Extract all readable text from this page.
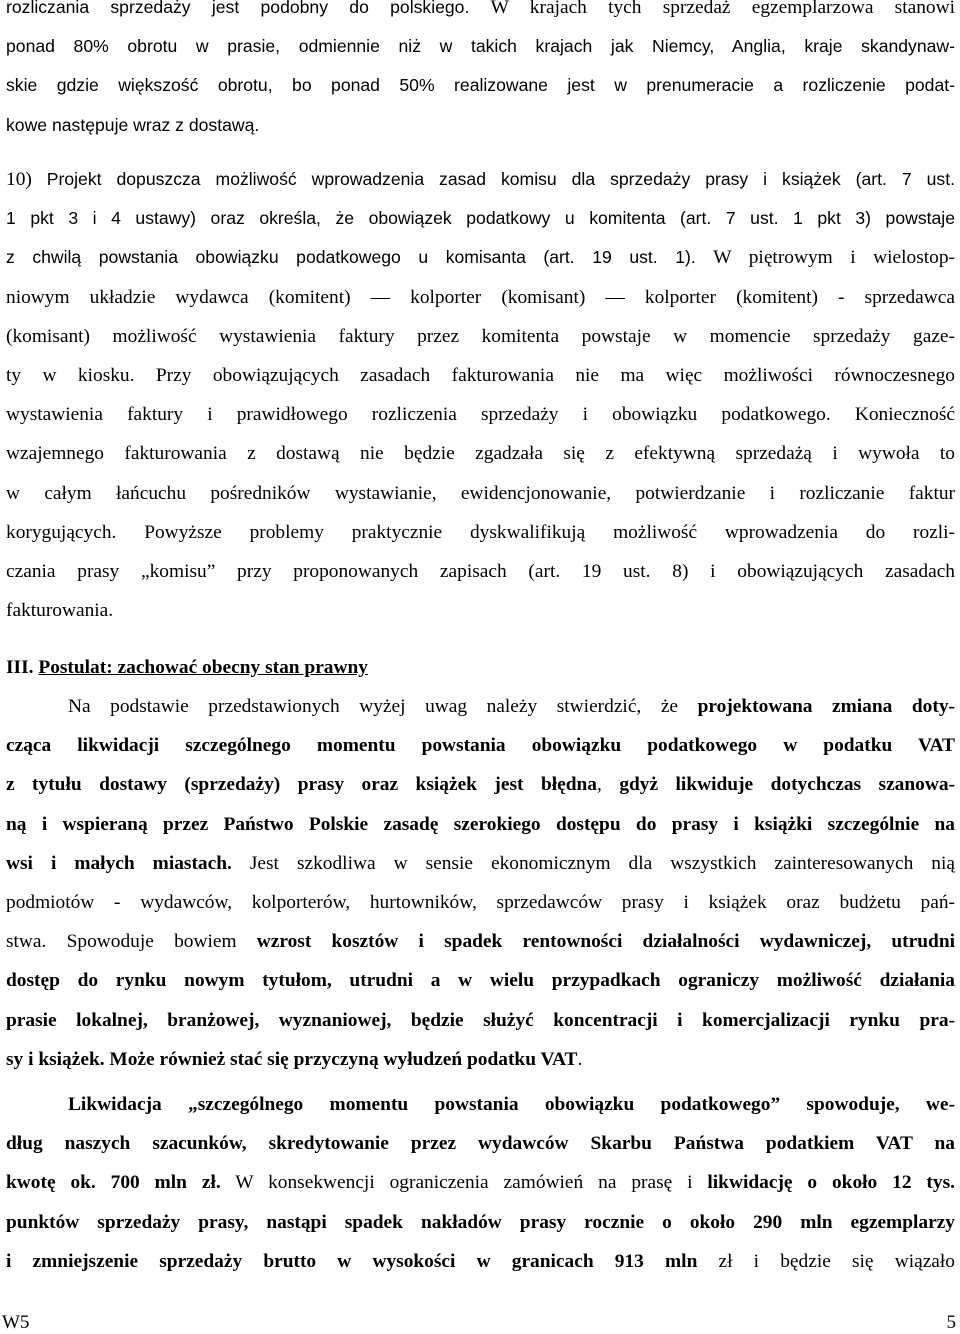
rozliczania sprzedaży jest podobny do polskiego. W krajach tych sprzedaż egzemplarzowa stanowi
ponad 80% obrotu w prasie, odmiennie niż w takich krajach jak Niemcy, Anglia, kraje skandynaw-
skie gdzie większość obrotu, bo ponad 50% realizowane jest w prenumeracie a rozliczenie podat-
kowe następuje wraz z dostawą.
10) Projekt dopuszcza możliwość wprowadzenia zasad komisu dla sprzedaży prasy i książek (art. 7 ust.
1 pkt 3 i 4 ustawy) oraz określa, że obowiązek podatkowy u komitenta (art. 7 ust. 1 pkt 3) powstaje
z chwilą powstania obowiązku podatkowego u komisanta (art. 19 ust. 1). W piętrowym i wielostop-
niowym układzie wydawca (komitent) ― kolporter (komisant) ― kolporter (komitent) - sprzedawca
(komisant) możliwość wystawienia faktury przez komitenta powstaje w momencie sprzedaży gaze-
ty w kiosku. Przy obowiązujących zasadach fakturowania nie ma więc możliwości równoczesnego
wystawienia faktury i prawidłowego rozliczenia sprzedaży i obowiązku podatkowego. Konieczność
wzajemnego fakturowania z dostawą nie będzie zgadzała się z efektywną sprzedażą i wywoła to
w całym łańcuchu pośredników wystawianie, ewidencjonowanie, potwierdzanie i rozliczanie faktur
korygujących. Powyższe problemy praktycznie dyskwalifikują możliwość wprowadzenia do rozli-
czania prasy „komisu” przy proponowanych zapisach (art. 19 ust. 8) i obowiązujących zasadach
fakturowania.
III. Postulat: zachować obecny stan prawny
Na podstawie przedstawionych wyżej uwag należy stwierdzić, że projektowana zmiana doty-
cząca likwidacji szczególnego momentu powstania obowiązku podatkowego w podatku VAT
z tytułu dostawy (sprzedaży) prasy oraz książek jest błędna, gdyż likwiduje dotychczas szanowa-
ną i wspieraną przez Państwo Polskie zasadę szerokiego dostępu do prasy i książki szczególnie na
wsi i małych miastach. Jest szkodliwa w sensie ekonomicznym dla wszystkich zainteresowanych nią
podmiotów - wydawców, kolporterów, hurtowników, sprzedawców prasy i książek oraz budżetu pań-
stwa. Spowoduje bowiem wzrost kosztów i spadek rentowności działalności wydawniczej, utrudni
dostęp do rynku nowym tytułom, utrudni a w wielu przypadkach ograniczy możliwość działania
prasie lokalnej, branżowej, wyznaniowej, będzie służyć koncentracji i komercjalizacji rynku pra-
sy i książek. Może również stać się przyczyną wyłudzeń podatku VAT.
Likwidacja „szczególnego momentu powstania obowiązku podatkowego” spowoduje, we-
dług naszych szacunków, skredytowanie przez wydawców Skarbu Państwa podatkiem VAT na
kwotę ok. 700 mln zł. W konsekwencji ograniczenia zamówień na prasę i likwidację o około 12 tys.
punktów sprzedaży prasy, nastąpi spadek nakładów prasy rocznie o około 290 mln egzemplarzy
i zmniejszenie sprzedaży brutto w wysokości w granicach 913 mln zł i będzie się wiązało
W5	5
